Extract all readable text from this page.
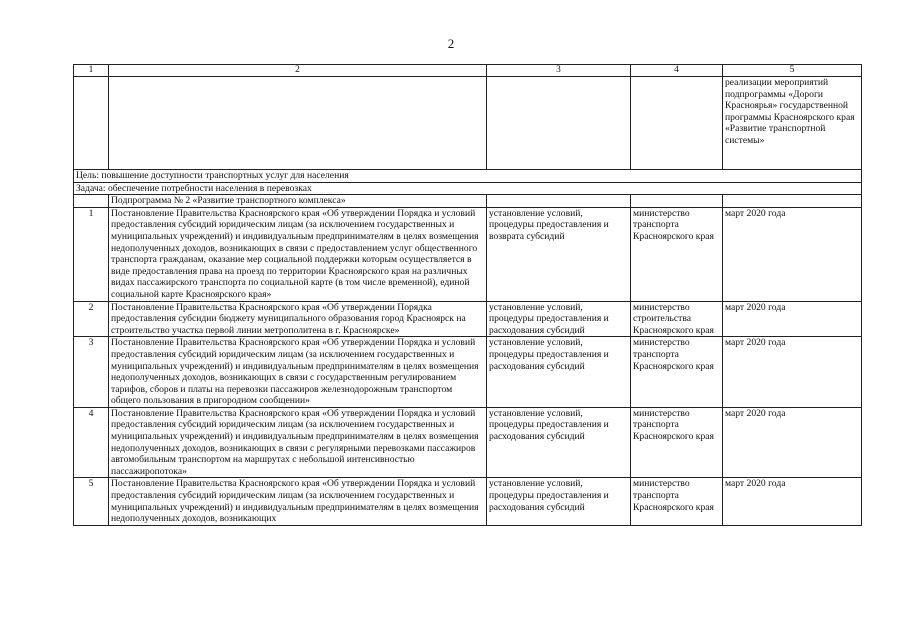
2
1	2	3	4	5
				реализации мероприятий подпрограммы «Дороги Красноярья» государственной программы Красноярского края «Развитие транспортной системы»
Цель: повышение доступности транспортных услуг для населения				
Задача: обеспечение потребности населения в перевозках				
	Подпрограмма № 2 «Развитие транспортного комплекса»			
1	Постановление Правительства Красноярского края «Об утверждении Порядка и условий предоставления субсидий юридическим лицам (за исключением государственных и муниципальных учреждений) и индивидуальным предпринимателям в целях возмещения недополученных доходов, возникающих в связи с предоставлением услуг общественного транспорта гражданам, оказание мер социальной поддержки которым осуществляется в виде предоставления права на проезд по территории Красноярского края на различных видах пассажирского транспорта по социальной карте (в том числе временной), единой социальной карте Красноярского края»	установление условий, процедуры предоставления и возврата субсидий	министерство транспорта Красноярского края	март 2020 года
2	Постановление Правительства Красноярского края «Об утверждении Порядка предоставления субсидии бюджету муниципального образования город Красноярск на строительство участка первой линии метрополитена в г. Красноярске»	установление условий, процедуры предоставления и расходования субсидий	министерство строительства Красноярского края	март 2020 года
3	Постановление Правительства Красноярского края «Об утверждении Порядка и условий предоставления субсидий юридическим лицам (за исключением государственных и муниципальных учреждений) и индивидуальным предпринимателям в целях возмещения недополученных доходов, возникающих в связи с государственным регулированием тарифов, сборов и платы на перевозки пассажиров железнодорожным транспортом общего пользования в пригородном сообщении»	установление условий, процедуры предоставления и расходования субсидий	министерство транспорта Красноярского края	март 2020 года
4	Постановление Правительства Красноярского края «Об утверждении Порядка и условий предоставления субсидий юридическим лицам (за исключением государственных и муниципальных учреждений) и индивидуальным предпринимателям в целях возмещения недополученных доходов, возникающих в связи с регулярными перевозками пассажиров автомобильным транспортом на маршрутах с небольшой интенсивностью пассажиропотока»	установление условий, процедуры предоставления и расходования субсидий	министерство транспорта Красноярского края	март 2020 года
5	Постановление Правительства Красноярского края «Об утверждении Порядка и условий предоставления субсидий юридическим лицам (за исключением государственных и муниципальных учреждений) и индивидуальным предпринимателям в целях возмещения недополученных доходов, возникающих	установление условий, процедуры предоставления и расходования субсидий	министерство транспорта Красноярского края	март 2020 года
